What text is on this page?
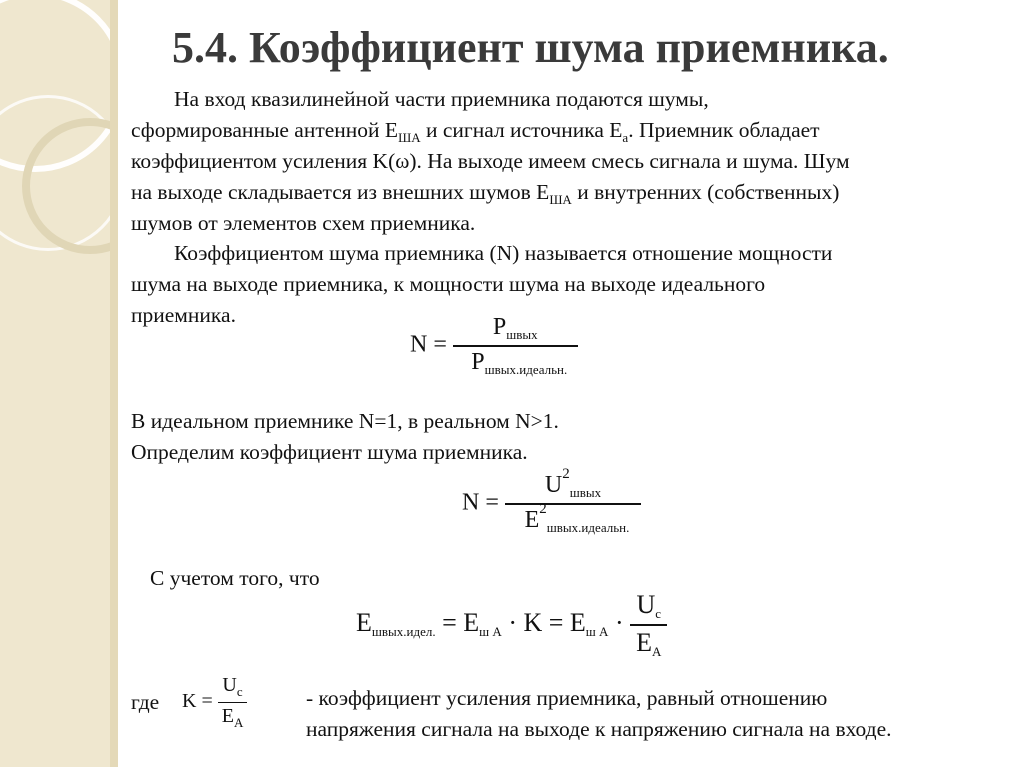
5.4. Коэффициент шума приемника.

На вход квазилинейной части приемника подаются шумы,

сформированные антенной $Е_{ША}$ и сигнал источника $Е_а$. Приемник обладает

коэффициентом усиления K(ω). На выходе имеем смесь сигнала и шума. Шум

на выходе складывается из внешних шумов $Е_{ША}$ и внутренних (собственных)

шумов от элементов схем приемника.

Коэффициентом шума приемника (N) называется отношение мощности

шума на выходе приемника, к мощности шума на выходе идеального

приемника.

$N = \frac{P_{швых}}{P_{швых.идеальн.}}$

В идеальном приемнике N=1, в реальном N>1.

Определим коэффициент шума приемника.

$N = \frac{U^2_{швых}}{E^2_{швых.идеальн.}}$

С учетом того, что

Eшвых.идел. = Eш А · K = Eш $А \cdot \frac{Uc}{EA}$
где $K = \frac{U_c}{E_A}$	- коэффициент усиления приемника, равный отношению

напряжения сигнала на выходе к напряжению сигнала на входе.
